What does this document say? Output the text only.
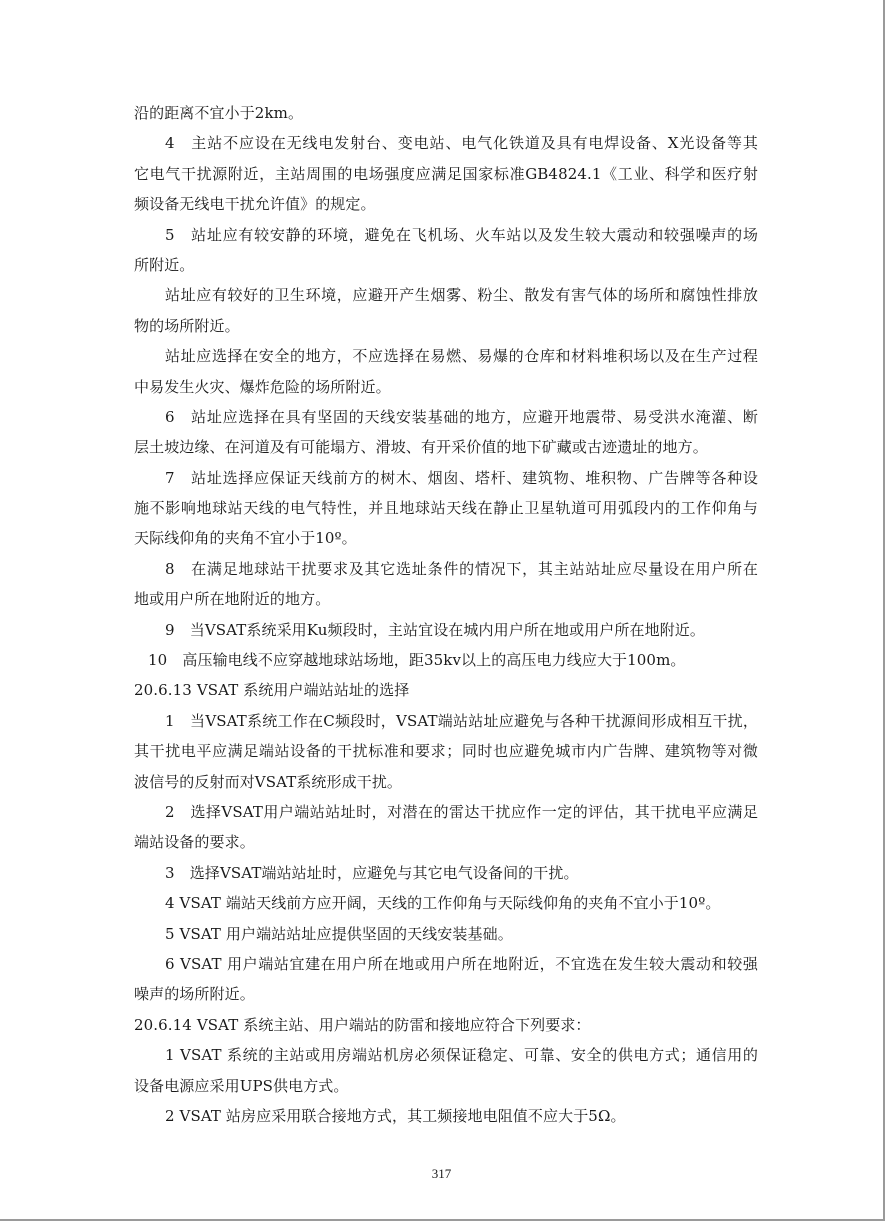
沿的距离不宜小于2km。
4　主站不应设在无线电发射台、变电站、电气化铁道及具有电焊设备、X光设备等其
它电气干扰源附近，主站周围的电场强度应满足国家标准GB4824.1《工业、科学和医疗射
频设备无线电干扰允许值》的规定。
5　站址应有较安静的环境，避免在飞机场、火车站以及发生较大震动和较强噪声的场
所附近。
站址应有较好的卫生环境，应避开产生烟雾、粉尘、散发有害气体的场所和腐蚀性排放
物的场所附近。
站址应选择在安全的地方，不应选择在易燃、易爆的仓库和材料堆积场以及在生产过程
中易发生火灾、爆炸危险的场所附近。
6　站址应选择在具有坚固的天线安装基础的地方，应避开地震带、易受洪水淹灌、断
层土坡边缘、在河道及有可能塌方、滑坡、有开采价值的地下矿藏或古迹遗址的地方。
7　站址选择应保证天线前方的树木、烟囱、塔杆、建筑物、堆积物、广告牌等各种设
施不影响地球站天线的电气特性，并且地球站天线在静止卫星轨道可用弧段内的工作仰角与
天际线仰角的夹角不宜小于10º。
8　在满足地球站干扰要求及其它选址条件的情况下，其主站站址应尽量设在用户所在
地或用户所在地附近的地方。
9　当VSAT系统采用Ku频段时，主站宜设在城内用户所在地或用户所在地附近。
10　高压输电线不应穿越地球站场地，距35kv以上的高压电力线应大于100m。
20.6.13 VSAT 系统用户端站站址的选择
1　当VSAT系统工作在C频段时，VSAT端站站址应避免与各种干扰源间形成相互干扰，
其干扰电平应满足端站设备的干扰标准和要求；同时也应避免城市内广告牌、建筑物等对微
波信号的反射而对VSAT系统形成干扰。
2　选择VSAT用户端站站址时，对潜在的雷达干扰应作一定的评估，其干扰电平应满足
端站设备的要求。
3　选择VSAT端站站址时，应避免与其它电气设备间的干扰。
4 VSAT 端站天线前方应开阔，天线的工作仰角与天际线仰角的夹角不宜小于10º。
5 VSAT 用户端站站址应提供坚固的天线安装基础。
6 VSAT 用户端站宜建在用户所在地或用户所在地附近，不宜选在发生较大震动和较强
噪声的场所附近。
20.6.14 VSAT 系统主站、用户端站的防雷和接地应符合下列要求：
1 VSAT 系统的主站或用房端站机房必须保证稳定、可靠、安全的供电方式；通信用的
设备电源应采用UPS供电方式。
2 VSAT 站房应采用联合接地方式，其工频接地电阻值不应大于5Ω。
317
